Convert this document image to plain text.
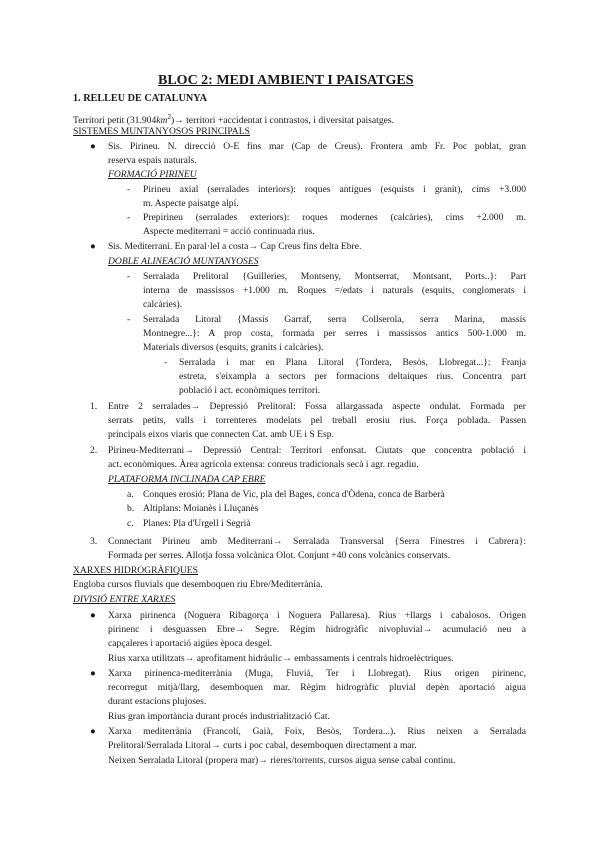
BLOC 2: MEDI AMBIENT I PAISATGES
1. RELLEU DE CATALUNYA
Territori petit $(31.904km^2)\to$ territori +accidentat i contrastos, i diversitat paisatges.
SISTEMES MUNTANYOSOS PRINCIPALS
● Sis. Pirineu. N. direcció O-E fins mar (Cap de Creus). Frontera amb Fr. Poc poblat, gran
reserva espais naturals.
FORMACIÓ PIRINEU
- Pirineu axial (serralades interiors): roques antigues (esquists i granit), cims +3.000
m. Aspecte paisatge alpí.
- Prepirineu (serralades exteriors): roques modernes (calcàries), cims +2.000 m.
Aspecte mediterrani = acció continuada rius.
● Sis. Mediterrani. En paral·lel a costa→ Cap Creus fins delta Ebre.
DOBLE ALINEACIÓ MUNTANYOSES
- Serralada Prelitoral {Guilleries, Montseny, Montserrat, Montsant, Ports..}: Part
interna de massissos +1.000 m. Roques =/edats i naturals (esquits, conglomerats i
calcàries).
- Serralada Litoral {Massís Garraf, serra Collserola, serra Marina, massís
Montnegre...}: A prop costa, formada per serres i massissos antics 500-1.000 m.
Materials diversos (esquits, granits i calcàries).
- Serralada i mar en Plana Litoral {Tordera, Besòs, Llobregat...}: Franja
estreta, s'eixampla a sectors per formacions deltaiques rius. Concentra part
població i act. econòmiques territori.
1. Entre 2 serralades→ Depressió Prelitoral: Fossa allargassada aspecte ondulat. Formada per
serrats petits, valls i torrenteres modelats pel treball erosiu rius. Força poblada. Passen
principals eixos viaris que connecten Cat. amb UE i S Esp.
2. Pirineu-Mediterrani→ Depressió Central: Territori enfonsat. Ciutats que concentra població i
act. econòmiques. Àrea agrícola extensa: conreus tradicionals secà i agr. regadiu.
PLATAFORMA INCLINADA CAP EBRE
a. Conques erosió: Plana de Vic, pla del Bages, conca d'Òdena, conca de Barberà
b. Altiplans: Moianès i Lluçanès
c. Planes: Pla d'Urgell i Segrià
3. Connectant Pirineu amb Mediterrani→ Serralada Transversal {Serra Finestres i Cabrera}:
Formada per serres. Allotja fossa volcànica Olot. Conjunt +40 cons volcànics conservats.
XARXES HIDROGRÀFIQUES
Engloba cursos fluvials que desemboquen riu Ebre/Mediterrània.
DIVISIÓ ENTRE XARXES
● Xarxa pirinenca (Noguera Ribagorça i Noguera Pallaresa). Rius +llargs i cabalosos. Origen
pirinenc i desguassen Ebre→ Segre. Règim hidrogràfic nivopluvial→ acumulació neu a
capçaleres i aportació aigües època desgel.
Rius xarxa utilitzats→ aprofitament hidràulic→ embassaments i centrals hidroelèctriques.
● Xarxa pirinenca-mediterrània (Muga, Fluvià, Ter i Llobregat). Rius origen pirinenc,
recorregut mitjà/llarg, desemboquen mar. Règim hidrogràfic pluvial depèn aportació aigua
durant estacions plujoses.
Rius gran importància durant procés industrialització Cat.
● Xarxa mediterrània (Francolí, Gaià, Foix, Besòs, Tordera...). Rius neixen a Serralada
Prelitoral/Serralada Litoral→ curts i poc cabal, desemboquen directament a mar.
Neixen Serralada Litoral (propera mar)→ rieres/torrents, cursos aigua sense cabal continu.
